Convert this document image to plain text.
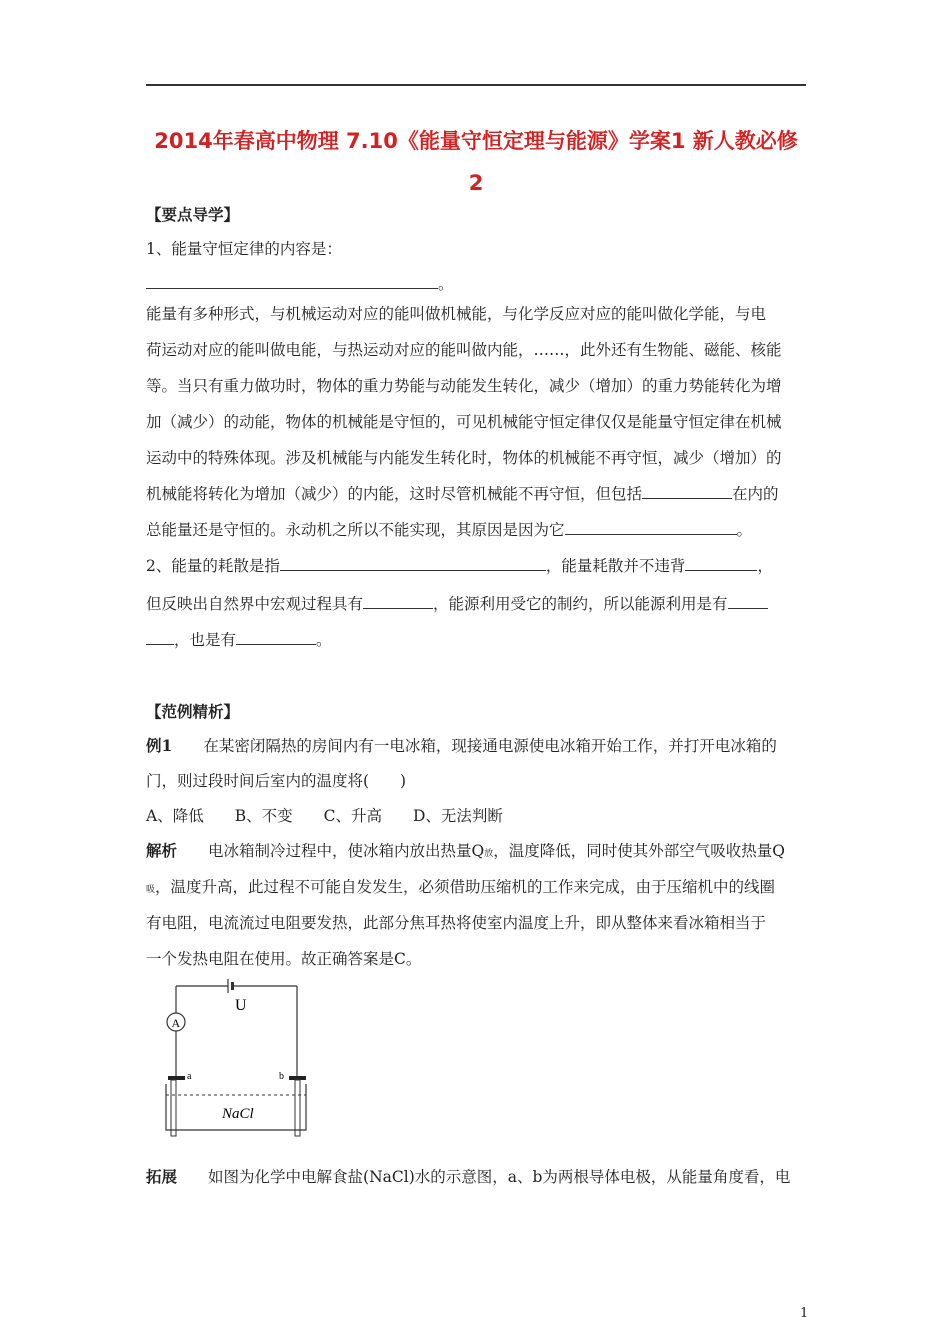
2014年春高中物理 7.10《能量守恒定理与能源》学案1 新人教必修
2
【要点导学】
1、能量守恒定律的内容是：
。
能量有多种形式，与机械运动对应的能叫做机械能，与化学反应对应的能叫做化学能，与电
荷运动对应的能叫做电能，与热运动对应的能叫做内能，……，此外还有生物能、磁能、核能
等。当只有重力做功时，物体的重力势能与动能发生转化，减少（增加）的重力势能转化为增
加（减少）的动能，物体的机械能是守恒的，可见机械能守恒定律仅仅是能量守恒定律在机械
运动中的特殊体现。涉及机械能与内能发生转化时，物体的机械能不再守恒，减少（增加）的
机械能将转化为增加（减少）的内能，这时尽管机械能不再守恒，但包括	在内的
总能量还是守恒的。永动机之所以不能实现，其原因是因为它	。
2、能量的耗散是指	，能量耗散并不违背	，
但反映出自然界中宏观过程具有	，能源利用受它的制约，所以能源利用是有
，也是有	。
【范例精析】
例1　　 在某密闭隔热的房间内有一电冰箱，现接通电源使电冰箱开始工作，并打开电冰箱的
门，则过段时间后室内的温度将(　　)
A、降低　　B、不变　　C、升高　　D、无法判断
解析　　 电冰箱制冷过程中，使冰箱内放出热量Q放，温度降低，同时使其外部空气吸收热量Q
吸，温度升高，此过程不可能自发发生，必须借助压缩机的工作来完成，由于压缩机中的线圈
有电阻，电流流过电阻要发热，此部分焦耳热将使室内温度上升，即从整体来看冰箱相当于
一个发热电阻在使用。故正确答案是C。
U
A
a	b
NaCl
拓展　　 如图为化学中电解食盐(NaCl)水的示意图，a、b为两根导体电极，从能量角度看，电
1
